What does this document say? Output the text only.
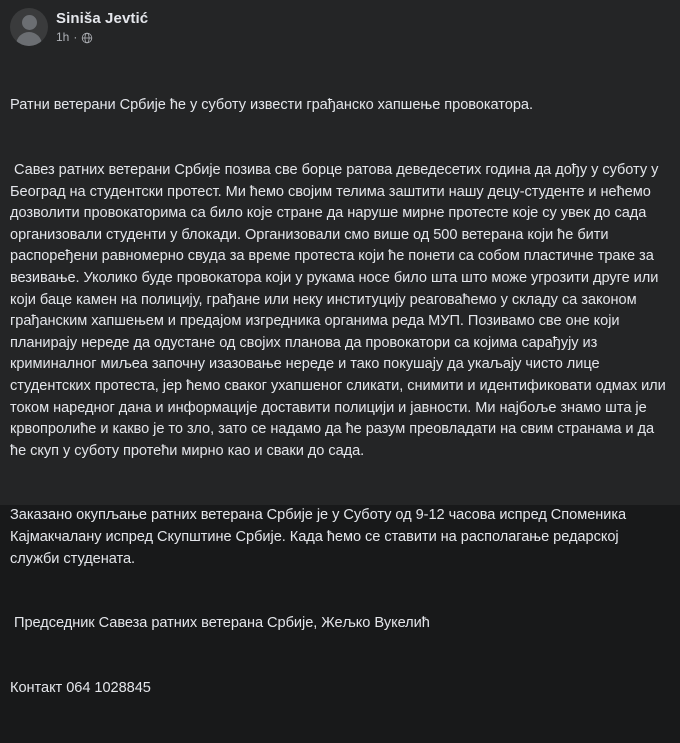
Siniša Jevtić
1h ·

Ратни ветерани Србије ће у суботу извести грађанско хапшење провокатора.

Савез ратних ветерани Србије позива све борце ратова деведесетих година да дођу у суботу у Београд на студентски протест. Ми ћемо својим телима заштити нашу децу-студенте и нећемо дозволити провокаторима са било које стране да наруше мирне протесте које су увек до сада организовали студенти у блокади. Организовали смо више од 500 ветерана који ће бити распоређени равномерно свуда за време протеста који ће понети са собом пластичне траке за везивање. Уколико буде провокатора који у рукама носе било шта што може угрозити друге или који баце камен на полицију, грађане или неку институцију реаговаћемо у складу са законом грађанским хапшењем и предајом изгредника органима реда МУП. Позивамо све оне који планирају нереде да одустане од својих планова да провокатори са којима сарађују из криминалног миљеа започну изазовање нереде и тако покушају да укаљају чисто лице студентских протеста, јер ћемо сваког ухапшеног сликати, снимити и идентификовати одмах или током наредног дана и информације доставити полицији и јавности. Ми најбоље знамо шта је крвопролиће и какво је то зло, зато се надамо да ће разум преовладати на свим странама и да ће скуп у суботу протећи мирно као и сваки до сада.

Заказано окупљање ратних ветерана Србије је у Суботу од 9-12 часова испред Споменика Кајмакчалану испред Скупштине Србије. Када ћемо се ставити на располагање редарској служби студената.

Председник Савеза ратних ветерана Србије, Жељко Вукелић

Контакт 064 1028845
